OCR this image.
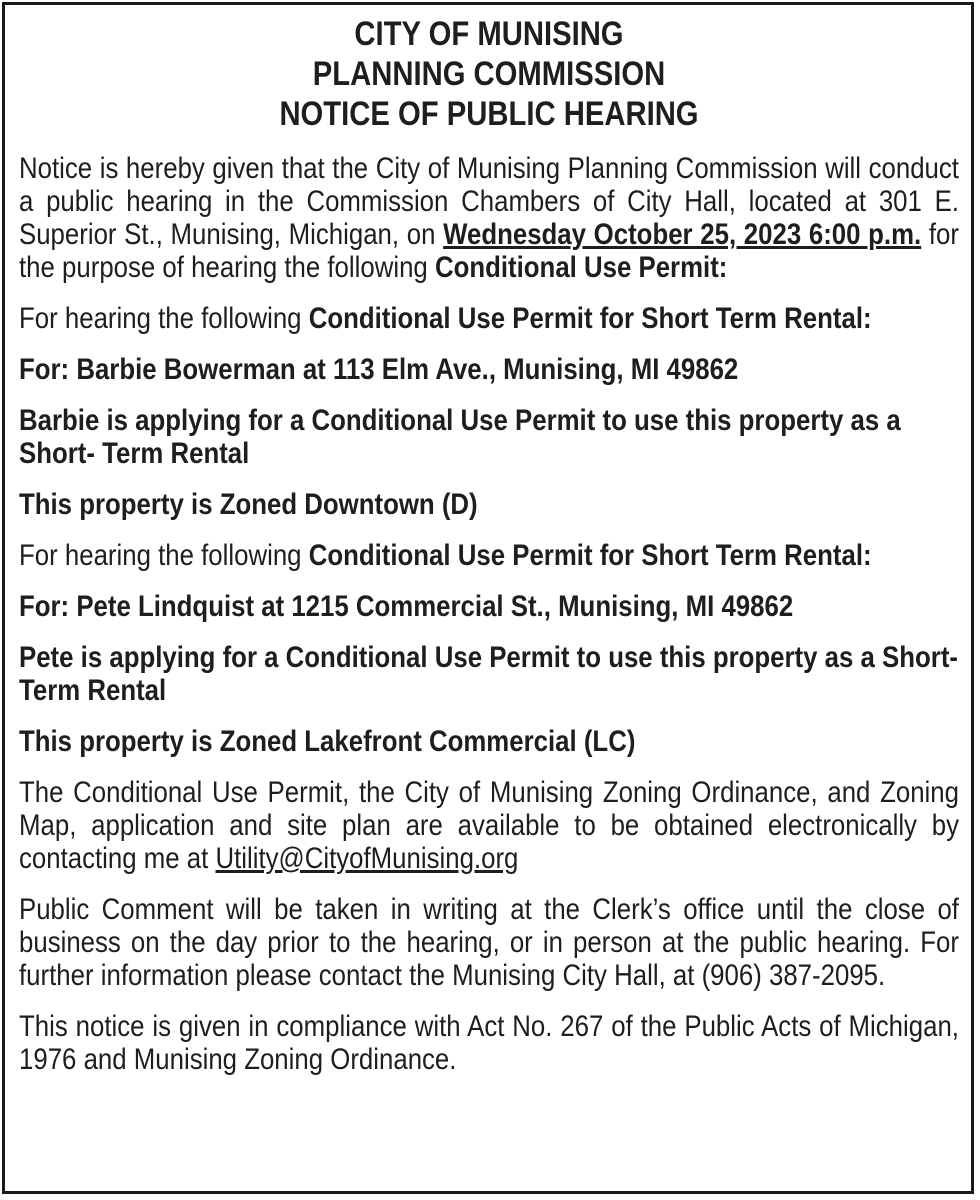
CITY OF MUNISING
PLANNING COMMISSION
NOTICE OF PUBLIC HEARING

Notice is hereby given that the City of Munising Planning Commission will conduct a public hearing in the Commission Chambers of City Hall, located at 301 E. Superior St., Munising, Michigan, on Wednesday October 25, 2023 6:00 p.m. for the purpose of hearing the following Conditional Use Permit:

For hearing the following Conditional Use Permit for Short Term Rental:

For: Barbie Bowerman at 113 Elm Ave., Munising, MI 49862

Barbie is applying for a Conditional Use Permit to use this property as a Short- Term Rental

This property is Zoned Downtown (D)

For hearing the following Conditional Use Permit for Short Term Rental:

For: Pete Lindquist at 1215 Commercial St., Munising, MI 49862

Pete is applying for a Conditional Use Permit to use this property as a Short-Term Rental

This property is Zoned Lakefront Commercial (LC)

The Conditional Use Permit, the City of Munising Zoning Ordinance, and Zoning Map, application and site plan are available to be obtained electronically by contacting me at Utility@CityofMunising.org

Public Comment will be taken in writing at the Clerk’s office until the close of business on the day prior to the hearing, or in person at the public hearing. For further information please contact the Munising City Hall, at (906) 387-2095.

This notice is given in compliance with Act No. 267 of the Public Acts of Michigan, 1976 and Munising Zoning Ordinance.
